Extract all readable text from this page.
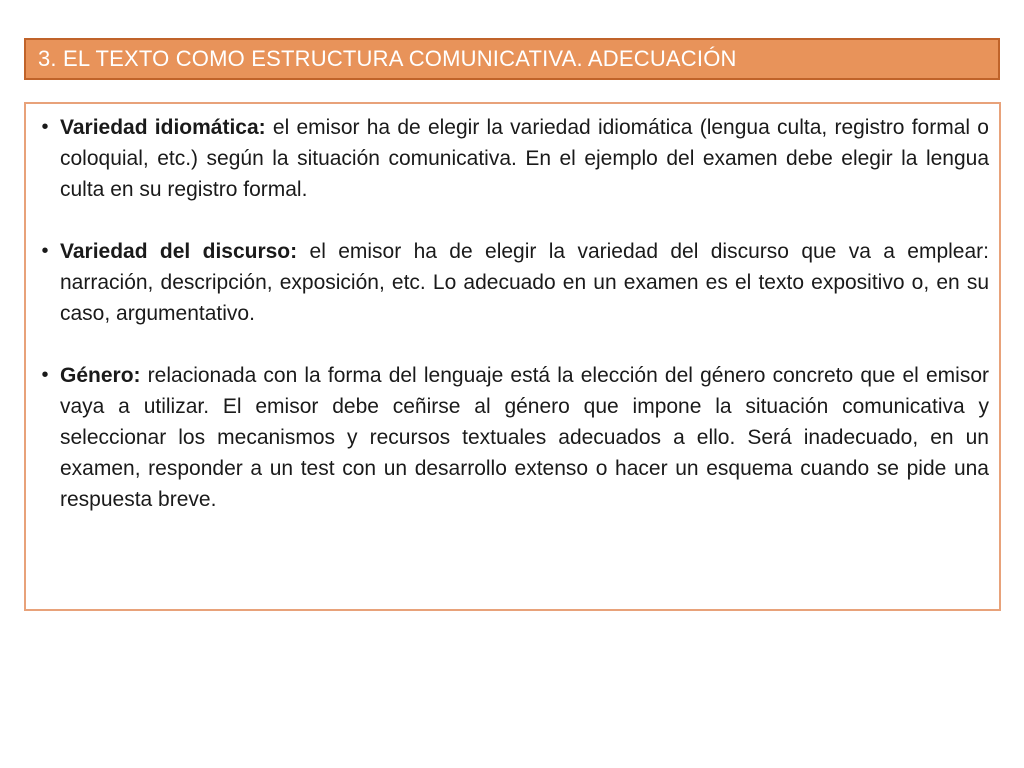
3. EL TEXTO COMO ESTRUCTURA COMUNICATIVA. ADECUACIÓN
• Variedad idiomática: el emisor ha de elegir la variedad idiomática (lengua culta, registro formal o coloquial, etc.) según la situación comunicativa. En el ejemplo del examen debe elegir la lengua culta en su registro formal.
• Variedad del discurso: el emisor ha de elegir la variedad del discurso que va a emplear: narración, descripción, exposición, etc. Lo adecuado en un examen es el texto expositivo o, en su caso, argumentativo.
• Género: relacionada con la forma del lenguaje está la elección del género concreto que el emisor vaya a utilizar. El emisor debe ceñirse al género que impone la situación comunicativa y seleccionar los mecanismos y recursos textuales adecuados a ello. Será inadecuado, en un examen, responder a un test con un desarrollo extenso o hacer un esquema cuando se pide una respuesta breve.
